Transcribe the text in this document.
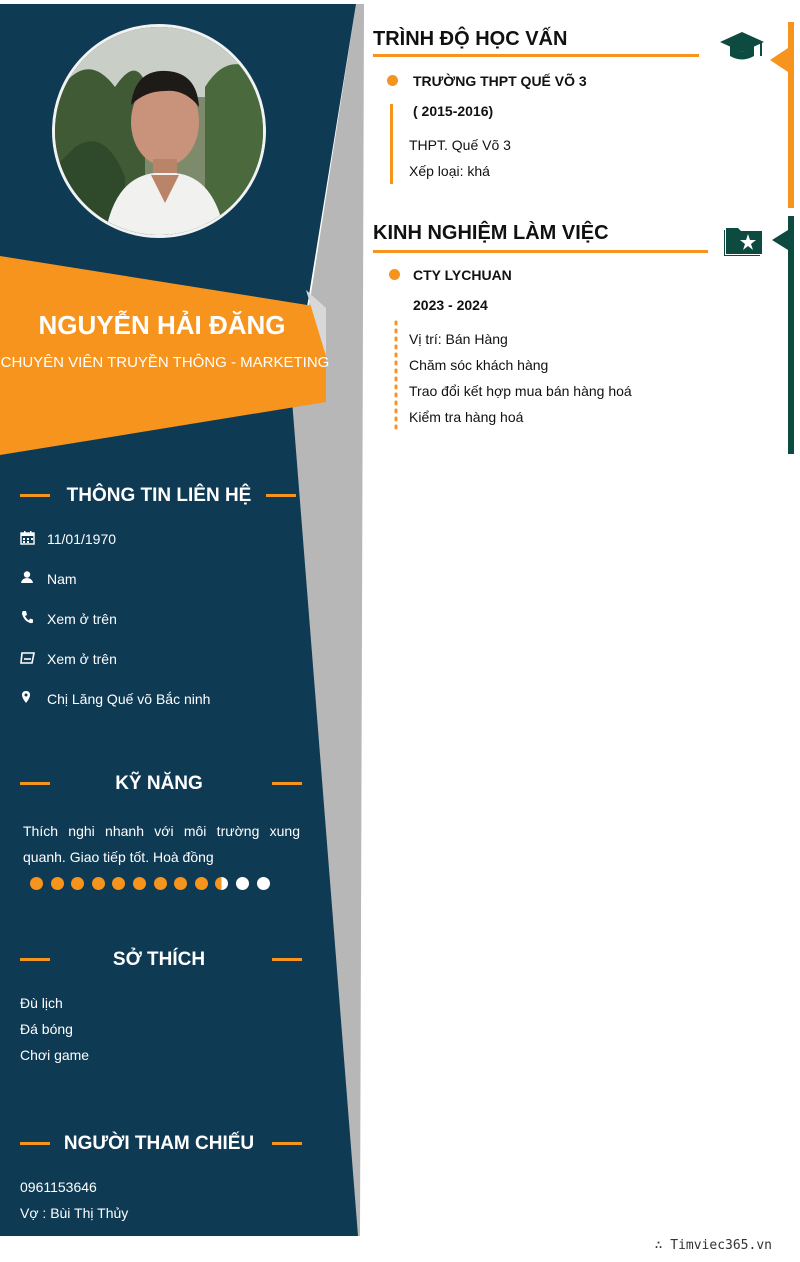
NGUYỄN HẢI ĐĂNG
CHUYÊN VIÊN TRUYỀN THÔNG - MARKETING
THÔNG TIN LIÊN HỆ
11/01/1970
Nam
Xem ở trên
Xem ở trên
Chị Lăng Quế võ Bắc ninh
KỸ NĂNG
Thích nghi nhanh với môi trường xung quanh. Giao tiếp tốt. Hoà đồng
SỞ THÍCH
Đù lịch
Đá bóng
Chơi game
NGƯỜI THAM CHIẾU
0961153646
Vợ : Bùi Thị Thủy
TRÌNH ĐỘ HỌC VẤN
TRƯỜNG THPT QUẾ VÕ 3
( 2015-2016)
THPT. Quế Võ 3
Xếp loại: khá
KINH NGHIỆM LÀM VIỆC
CTY LYCHUAN
2023 - 2024
Vị trí: Bán Hàng
Chăm sóc khách hàng
Trao đổi kết hợp mua bán hàng hoá
Kiểm tra hàng hoá
∴ Timviec365.vn
